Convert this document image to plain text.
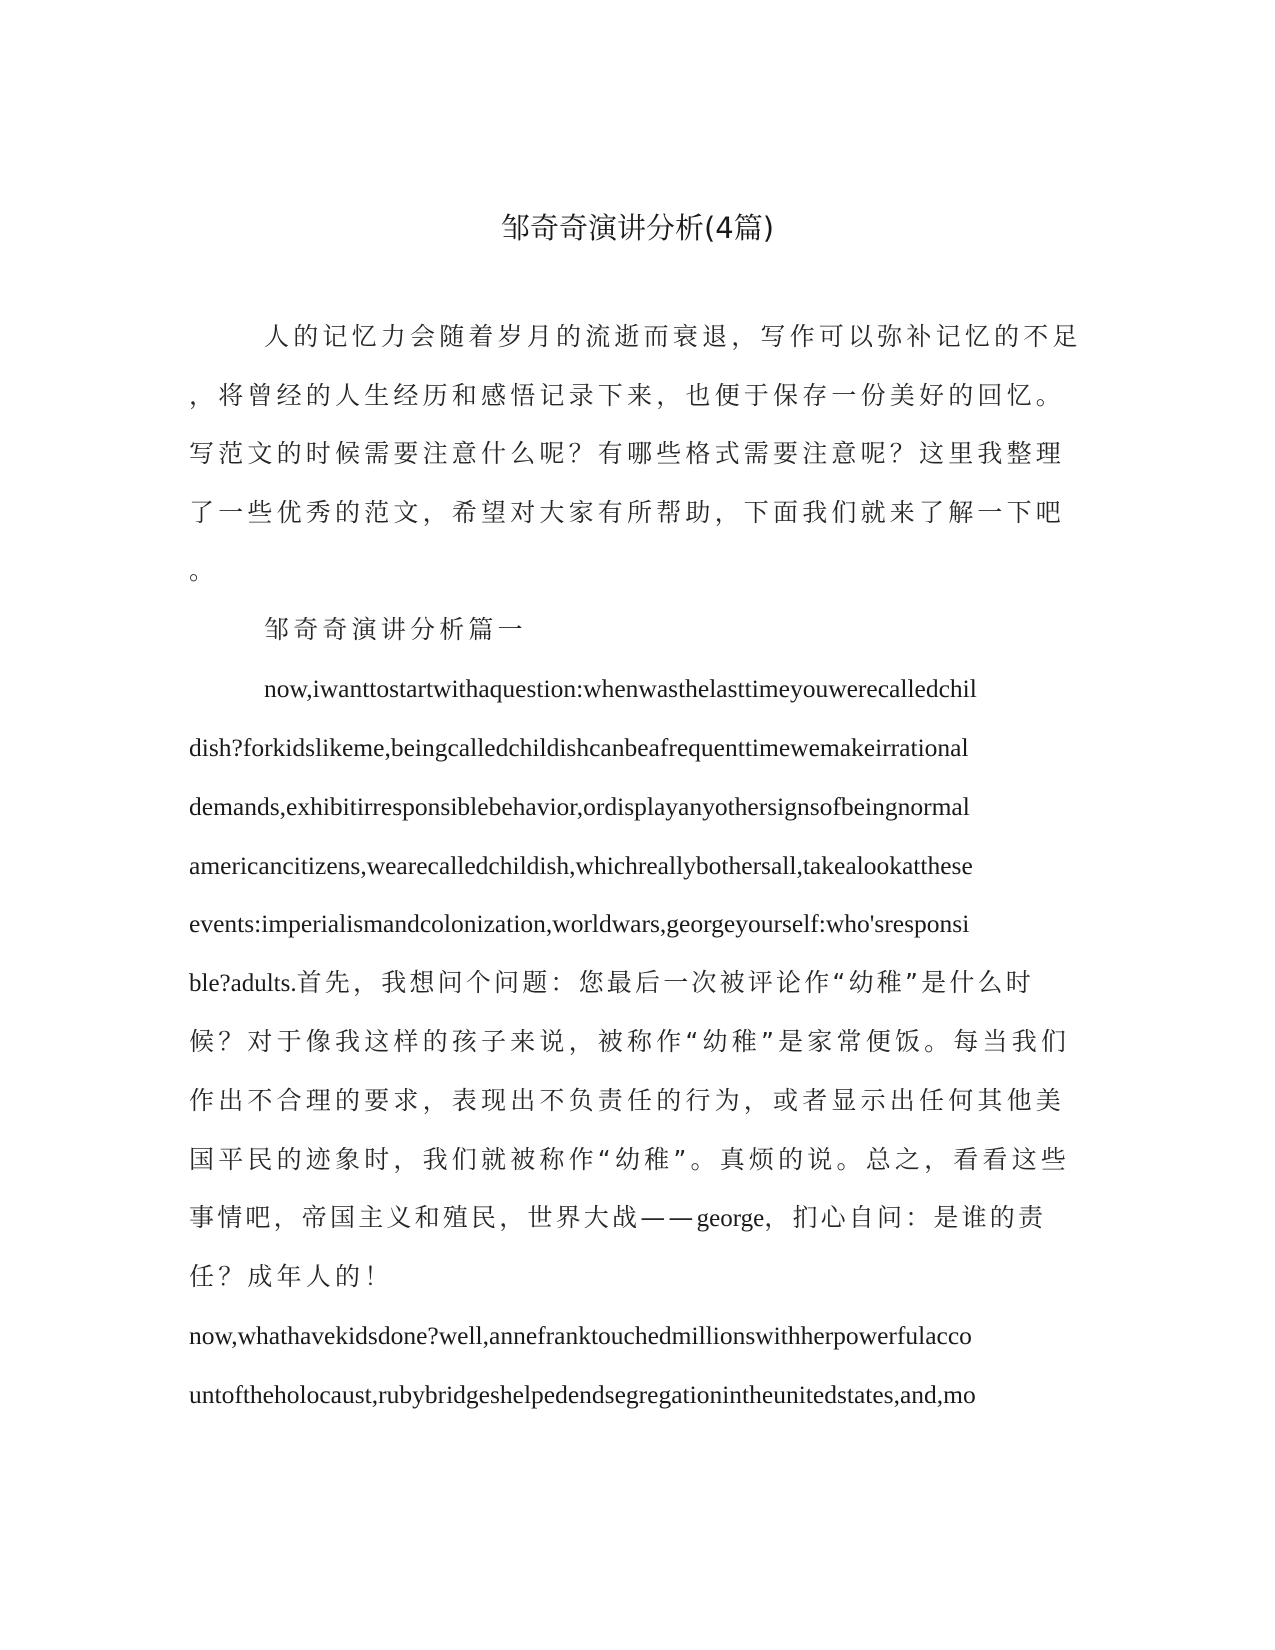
邹奇奇演讲分析(4篇)

人的记忆力会随着岁月的流逝而衰退，写作可以弥补记忆的不足

，将曾经的人生经历和感悟记录下来，也便于保存一份美好的回忆。

写范文的时候需要注意什么呢？有哪些格式需要注意呢？这里我整理

了一些优秀的范文，希望对大家有所帮助，下面我们就来了解一下吧

。

邹奇奇演讲分析篇一

now,iwanttostartwithaquestion:whenwasthelasttimeyouwerecalledchil

dish?forkidslikeme,beingcalledchildishcanbeafrequenttimewemakeirrational

demands,exhibitirresponsiblebehavior,ordisplayanyothersignsofbeingnormal

americancitizens,wearecalledchildish,whichreallybothersall,takealookatthese

events:imperialismandcolonization,worldwars,georgeyourself:who'sresponsi

ble?adults.首先，我想问个问题：您最后一次被评论作“幼稚”是什么时

候？对于像我这样的孩子来说，被称作“幼稚”是家常便饭。每当我们

作出不合理的要求，表现出不负责任的行为，或者显示出任何其他美

国平民的迹象时，我们就被称作“幼稚”。真烦的说。总之，看看这些

事情吧，帝国主义和殖民，世界大战——george，扪心自问：是谁的责

任？成年人的！

now,whathavekidsdone?well,annefranktouchedmillionswithherpowerfulacco

untoftheholocaust,rubybridgeshelpedendsegregationintheunitedstates,and,mo
